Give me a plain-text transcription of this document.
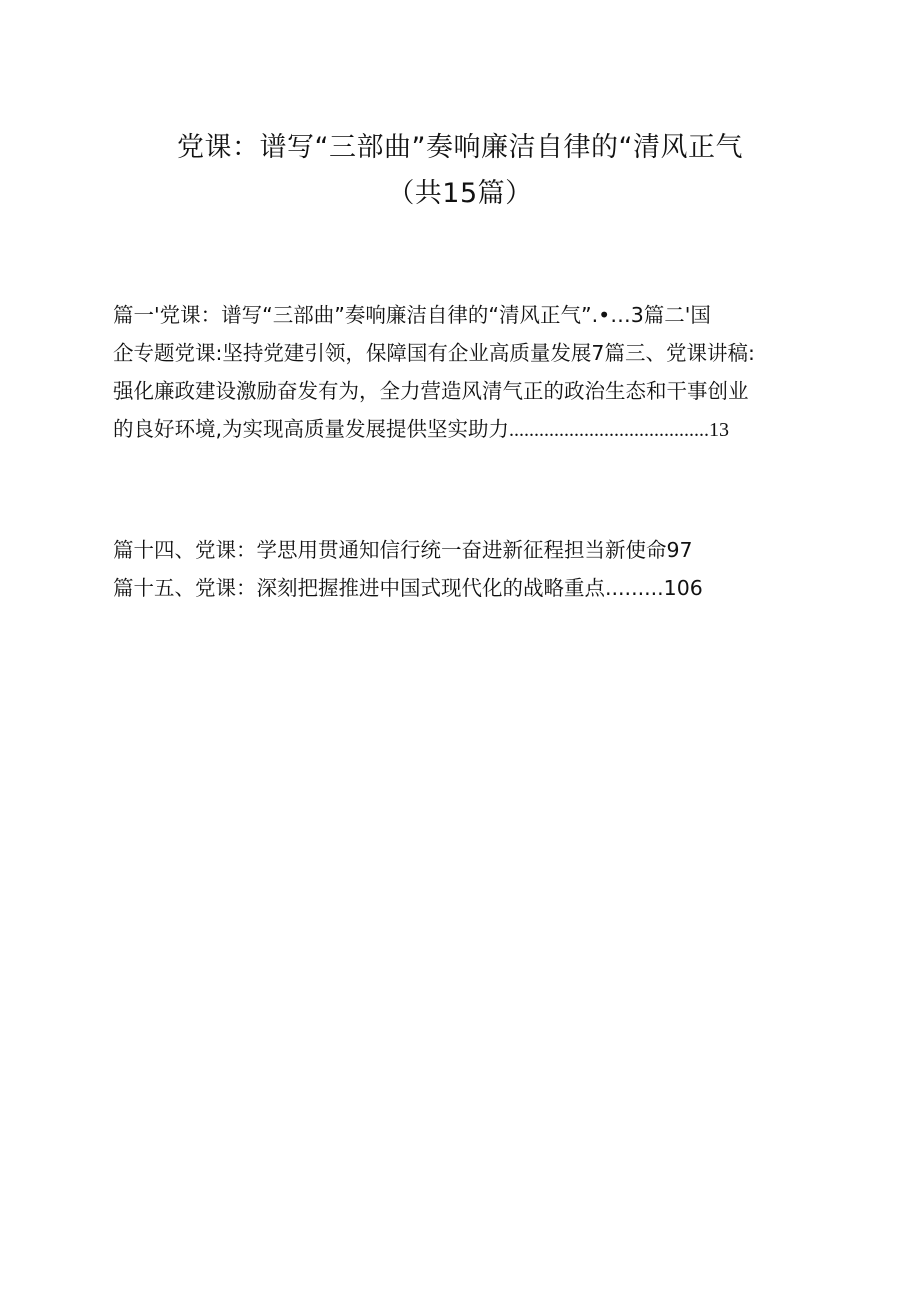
党课：谱写“三部曲”奏响廉洁自律的“清风正气
（共15篇）
篇一'党课：谱写“三部曲”奏响廉洁自律的“清风正气”.•…3篇二'国
企专题党课:坚持党建引领，保障国有企业高质量发展7篇三、党课讲稿:
强化廉政建设激励奋发有为，全力营造风清气正的政治生态和干事创业
的良好环境,为实现高质量发展提供坚实助力........................................13
篇十四、党课：学思用贯通知信行统一奋进新征程担当新使命97
篇十五、党课：深刻把握推进中国式现代化的战略重点.........106
